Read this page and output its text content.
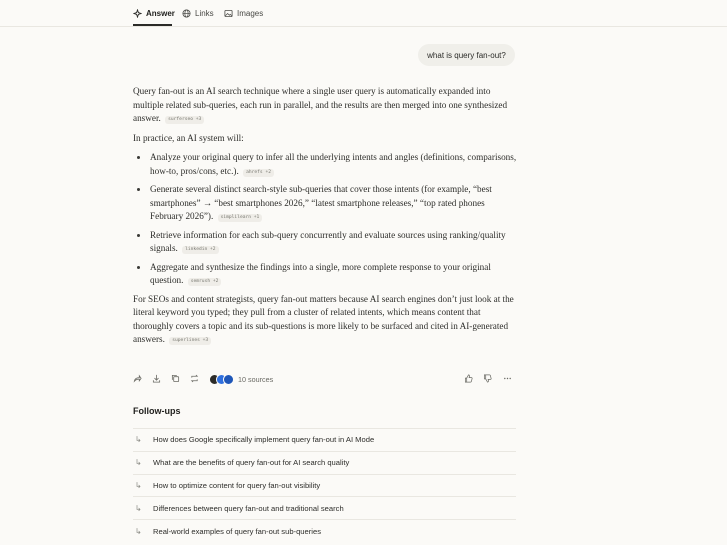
Answer	Links	Images
what is query fan-out?

Query fan-out is an AI search technique where a single user query is automatically expanded into multiple related sub-queries, each run in parallel, and the results are then merged into one synthesized answer. surferseo +3

In practice, an AI system will:

Analyze your original query to infer all the underlying intents and angles (definitions, comparisons, how-to, pros/cons, etc.). ahrefs +2
Generate several distinct search-style sub-queries that cover those intents (for example, “best smartphones” → “best smartphones 2026,” “latest smartphone releases,” “top rated phones February 2026”). simplilearn +1
Retrieve information for each sub-query concurrently and evaluate sources using ranking/quality signals. linkedin +2
Aggregate and synthesize the findings into a single, more complete response to your original question. semrush +2

For SEOs and content strategists, query fan-out matters because AI search engines don’t just look at the literal keyword you typed; they pull from a cluster of related intents, which means content that thoroughly covers a topic and its sub-questions is more likely to be surfaced and cited in AI-generated answers. superlines +3

10 sources
Follow-ups
↳	How does Google specifically implement query fan-out in AI Mode
↳	What are the benefits of query fan-out for AI search quality
↳	How to optimize content for query fan-out visibility
↳	Differences between query fan-out and traditional search
↳	Real-world examples of query fan-out sub-queries
